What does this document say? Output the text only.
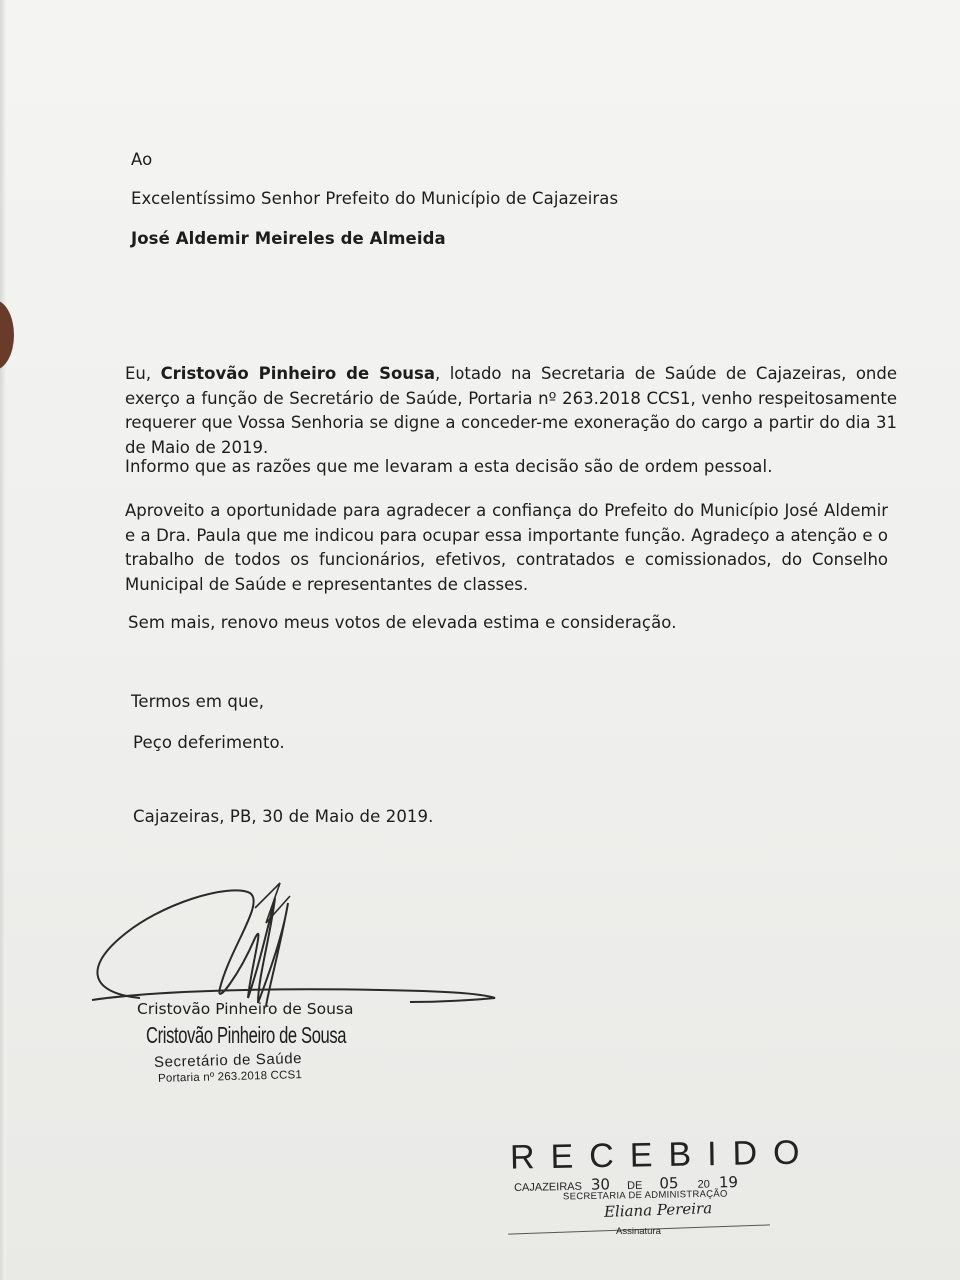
Ao
Excelentíssimo Senhor Prefeito do Município de Cajazeiras
José Aldemir Meireles de Almeida
Eu, Cristovão Pinheiro de Sousa, lotado na Secretaria de Saúde de Cajazeiras, onde exerço a função de Secretário de Saúde, Portaria nº 263.2018 CCS1, venho respeitosamente requerer que Vossa Senhoria se digne a conceder-me exoneração do cargo a partir do dia 31 de Maio de 2019.
Informo que as razões que me levaram a esta decisão são de ordem pessoal.
Aproveito a oportunidade para agradecer a confiança do Prefeito do Município José Aldemir e a Dra. Paula que me indicou para ocupar essa importante função. Agradeço a atenção e o trabalho de todos os funcionários, efetivos, contratados e comissionados, do Conselho Municipal de Saúde e representantes de classes.
Sem mais, renovo meus votos de elevada estima e consideração.
Termos em que,
Peço deferimento.
Cajazeiras, PB, 30 de Maio de 2019.
Cristovão Pinheiro de Sousa
Cristovão Pinheiro de Sousa
Secretário de Saúde
Portaria nº 263.2018 CCS1
RECEBIDO
CAJAZEIRAS 30 DE 05 20 19
SECRETARIA DE ADMINISTRAÇÃO
Eliana Pereira
Assinatura
